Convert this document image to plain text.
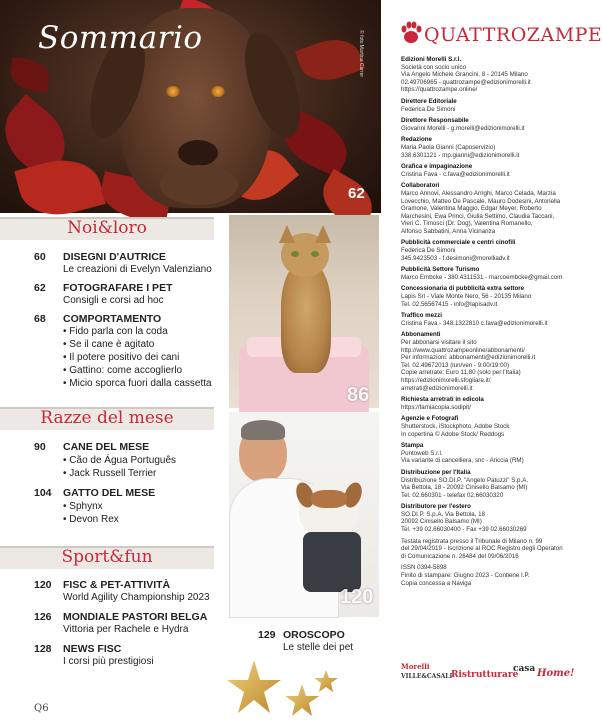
Sommario	© foto Martina Carrer
62
Noi&loro
60 DISEGNI D'AUTRICE
Le creazioni di Evelyn Valenziano
62 FOTOGRAFARE I PET
Consigli e corsi ad hoc
68 COMPORTAMENTO
• Fido parla con la coda
• Se il cane è agitato
• Il potere positivo dei cani
• Gattino: come accoglierlo
• Micio sporca fuori dalla cassetta
Razze del mese
90 CANE DEL MESE
• Cão de Água Português
• Jack Russell Terrier
104 GATTO DEL MESE
• Sphynx
• Devon Rex
Sport&fun
120 FISC & PET-ATTIVITÀ
World Agility Championship 2023
126 MONDIALE PASTORI BELGA
Vittoria per Rachele e Hydra
128 NEWS FISC
I corsi più prestigiosi
86
120
129 OROSCOPO
Le stelle dei pet
QUATTROZAMPE
Edizioni Morelli S.r.l.
Società con socio unico
Via Angelo Michele Grancini, 8 - 20145 Milano
02.49706965 - quattrozampe@edizionimorelli.it
https://quattrozampe.online/
Direttore Editoriale
Federica De Simoni
Direttore Responsabile
Giovanni Morelli - g.morelli@edizionimorelli.it
Redazione
Maria Paola Gianni (Caposervizio)
338.6301121 - mp.gianni@edizionimorelli.it
Grafica e impaginazione
Cristina Fava - c.fava@edizionimorelli.it
Collaboratori
Marco Annovi, Alessandro Arrighi, Marco Celada, Marzia
Lovecchio, Matteo De Pascale, Mauro Dodesini, Antonella
Gramone, Valentina Maggio, Edgar Meyer, Roberto
Marchesini, Ewa Princi, Giulia Settimo, Claudia Taccani,
Vieri C. Timosci (Dr. Dog), Valentina Romanello,
Alfonso Sabbatini, Anna Vicinanza
Pubblicità commerciale e centri cinofili
Federica De Simoni
345.9423503 - f.desimoni@morelliadv.it
Pubblicità Settore Turismo
Marco Embcke - 380.4311531 - marcoembcke@gmail.com
Concessionaria di pubblicità extra settore
Lapis Srl - Viale Monte Nero, 56 - 20135 Milano
Tel. 02.56567415 - info@lapisadv.it
Traffico mezzi
Cristina Fava - 348.1322810 c.fava@edizionimorelli.it
Abbonamenti
Per abbonarsi visitare il sito
http://www.quattrozampeonline/abbonamenti/
Per informazioni: abbonamenti@edizionimorelli.it
Tel. 02.49672013 (lun/ven - 9:00/19:00)
Copie arretrate: Euro 11,80 (solo per l'Italia)
https://edizionimorelli.sfogliare.it/
arretrati@edizionimorelli.it
Richiesta arretrati in edicola
https://famiacopia.sodipit/
Agenzie e Fotografi
Shutterstock, iStockphoto, Adobe Stock
In copertina © Adobe Stock/ Reddogs
Stampa
Puntoweb S.r.l.
Via variante di cancelliera, snc - Ariccia (RM)
Distribuzione per l'Italia
Distribuzione SO.DI.P. "Angelo Patuzzi" S.p.A.
Via Bettola, 18 - 20092 Cinisello Balsamo (MI)
Tel. 02.660301 - telefax 02.66030320
Distributore per l'estero
SO.DI.P. S.p.A. Via Bettola, 18
20092 Cinisello Balsamo (MI)
Tel. +39 02.66030400 - Fax +39 02.66030269
Testata registrata presso il Tribunale di Milano n. 99
del 29/04/2019 - Iscrizione al ROC Registro degli Operatori
di Comunicazione n. 26484 del 09/06/2016
ISSN 0394-5898
Finito di stampare: Giugno 2023 - Contiene I.P.
Copia concessa a Naviga
Morelli
VILLE&CASALI
Ristrutturare
casa Home!
Q6
